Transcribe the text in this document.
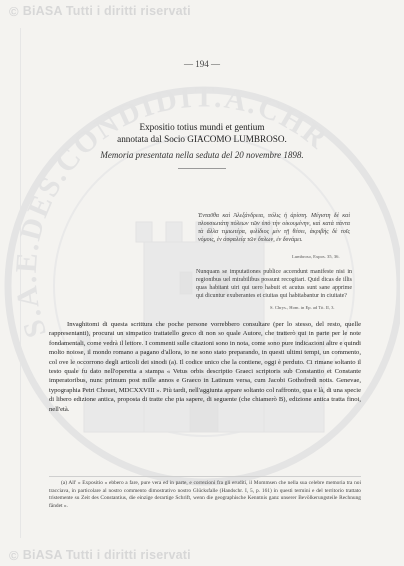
S.A.E.DES.CONDIDIT.A.CHR
© BiASA Tutti i diritti riservati
— 194 —
Expositio totius mundi et gentium
annotata dal Socio GIACOMO LUMBROSO.
Memoria presentata nella seduta del 20 novembre 1898.
Ἐνταῦθα καὶ Ἀλεξάνδρεια, πόλις ἡ ἀρίστη. Μέγιστη δὲ καὶ πλουσιωτάτη πόλεων τῶν ὑπὸ τὴν οἰκουμένην, καὶ κατὰ πάντα τὰ ἄλλα τιμιωτέρα, φιλίδιος μὲν τῇ θέσει, ἀκριβὴς δὲ τοῖς νόμοις, ἐν ἀσφαλείᾳ τῶν ὅπλων, ἐν δυνάμει.
Lumbroso, Expos. 35, 36.
Nunquam se imputationes publice accendunt manifeste nisi in regionibus uel mirabilibus possunt recogitari. Quid dicas de illis quas habitant uiri qui uero habuit et acutus sunt sane apprime qui dicuntur exuberantes et ciuitas qui habitabantur in ciuitate?
S. Chrys., Hom. in Ep. ad Tit. II, 3.

Invaghitomi di questa scrittura che poche persone vorrebbero consultare (per lo stesso, del resto, quelle rappresentanti), procurai un simpatico trattatello greco di non so quale Autore, che tratterò qui in parte per le note fondamentali, come vedrà il lettore. I commenti sulle citazioni sono in nota, come sono pure indicazioni altre e quindi molto noiose, il mondo romano a pagano d'allora, io ne sono stato preparando, in questi ultimi tempi, un commento, col ove le occorrono degli articoli dei sinodi (a). Il codice unico che la contiene, oggi è perduto. Ci rimane soltanto il testo quale fu dato nell'operetta a stampa « Vetus orbis descriptio Graeci scriptoris sub Constantio et Constante imperatoribus, nunc primum post mille annos e Graeco in Latinum versa, cum Jacobi Gothofredi notis. Genevae, typographia Petri Chouet, MDCXXVIII ». Più tardi, nell'aggiunta appare soltanto col raffronto, qua e là, di una specie di libero edizione antica, proposta di tratte che pia sapere, di seguente (che chiamerò B), edizione antica tratta finoi, nell'età.

(a) All' « Expositio » ebbero a fare, pure vera ed in parte, e correzioni fra gli eruditi, il Mommsen che nella sua celebre memoria tra noi tracciava, in particolare al nostro commento dimostrativo nostro Glücksfalle (Handschr. I, 5, p. 161) in questi termini e del territorio trattato tristemente su Zeit des Constantius, die einzige derartige Schrift, wenn die geographische Kenntnis ganz unserer Bevölkerungsteile Rechnung fändet ».

© BiASA Tutti i diritti riservati
